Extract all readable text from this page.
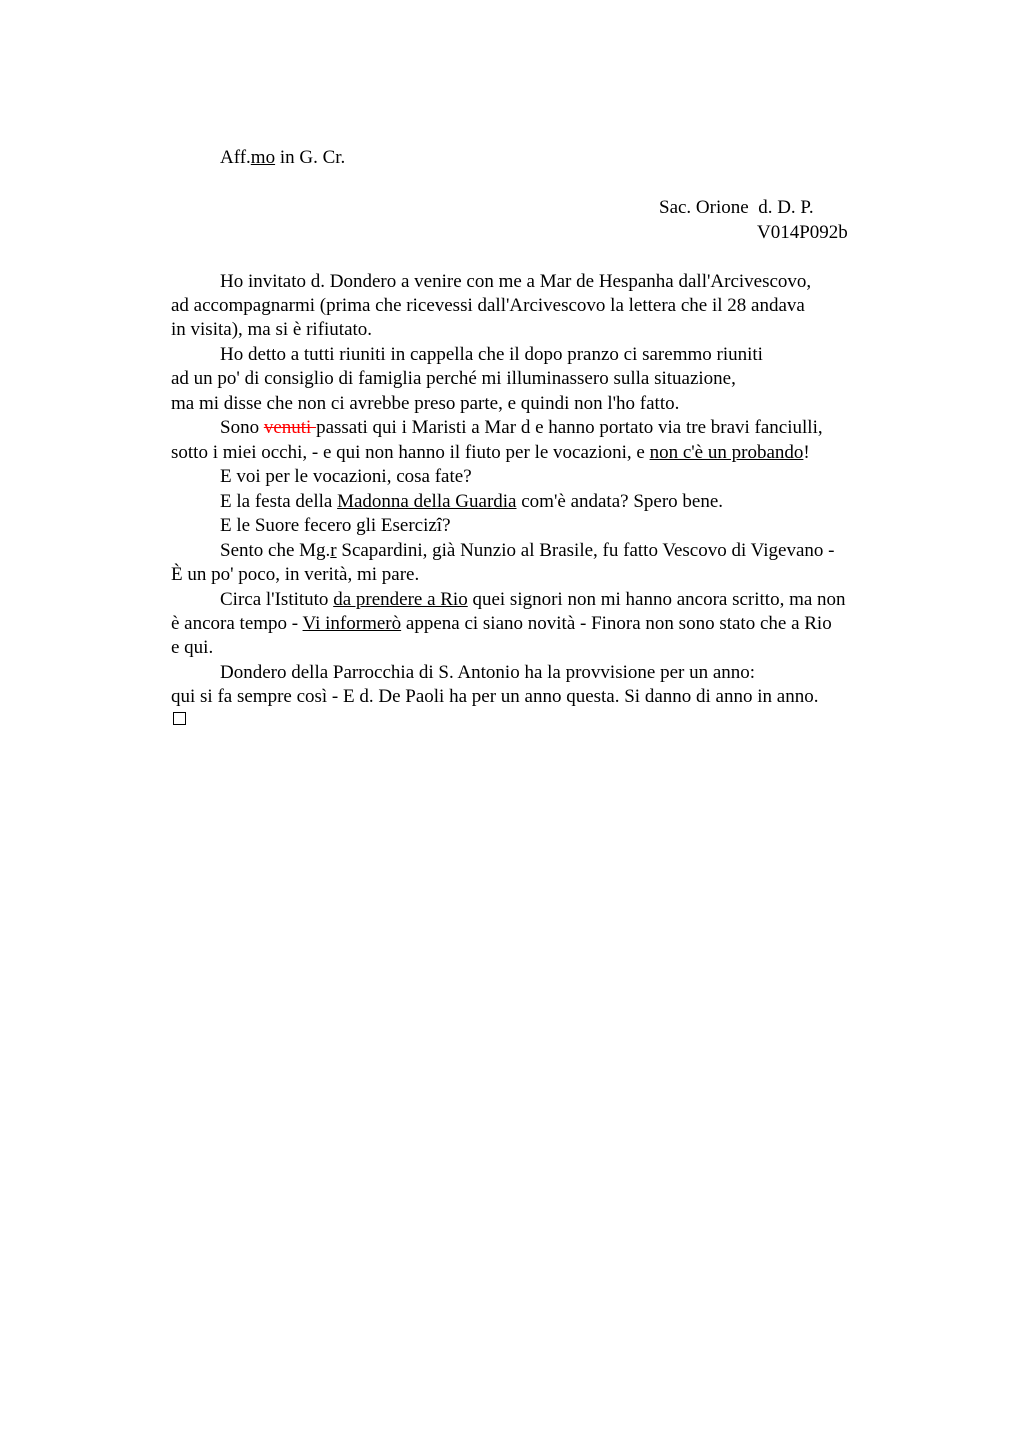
Aff.mo in G. Cr.
Sac. Orione  d. D. P.
V014P092b
Ho invitato d. Dondero a venire con me a Mar de Hespanha dall'Arcivescovo,
ad accompagnarmi (prima che ricevessi dall'Arcivescovo la lettera che il 28 andava
in visita), ma si è rifiutato.
Ho detto a tutti riuniti in cappella che il dopo pranzo ci saremmo riuniti
ad un po' di consiglio di famiglia perché mi illuminassero sulla situazione,
ma mi disse che non ci avrebbe preso parte, e quindi non l'ho fatto.
Sono venuti passati qui i Maristi a Mar d e hanno portato via tre bravi fanciulli,
sotto i miei occhi, - e qui non hanno il fiuto per le vocazioni, e non c'è un probando!
E voi per le vocazioni, cosa fate?
E la festa della Madonna della Guardia com'è andata? Spero bene.
E le Suore fecero gli Esercizi?
Sento che Mg.r Scapardini, già Nunzio al Brasile, fu fatto Vescovo di Vigevano -
È un po' poco, in verità, mi pare.
Circa l'Istituto da prendere a Rio quei signori non mi hanno ancora scritto, ma non
è ancora tempo - Vi informerò appena ci siano novità - Finora non sono stato che a Rio
e qui.
Dondero della Parrocchia di S. Antonio ha la provvisione per un anno:
qui si fa sempre così - E d. De Paoli ha per un anno questa. Si danno di anno in anno.
